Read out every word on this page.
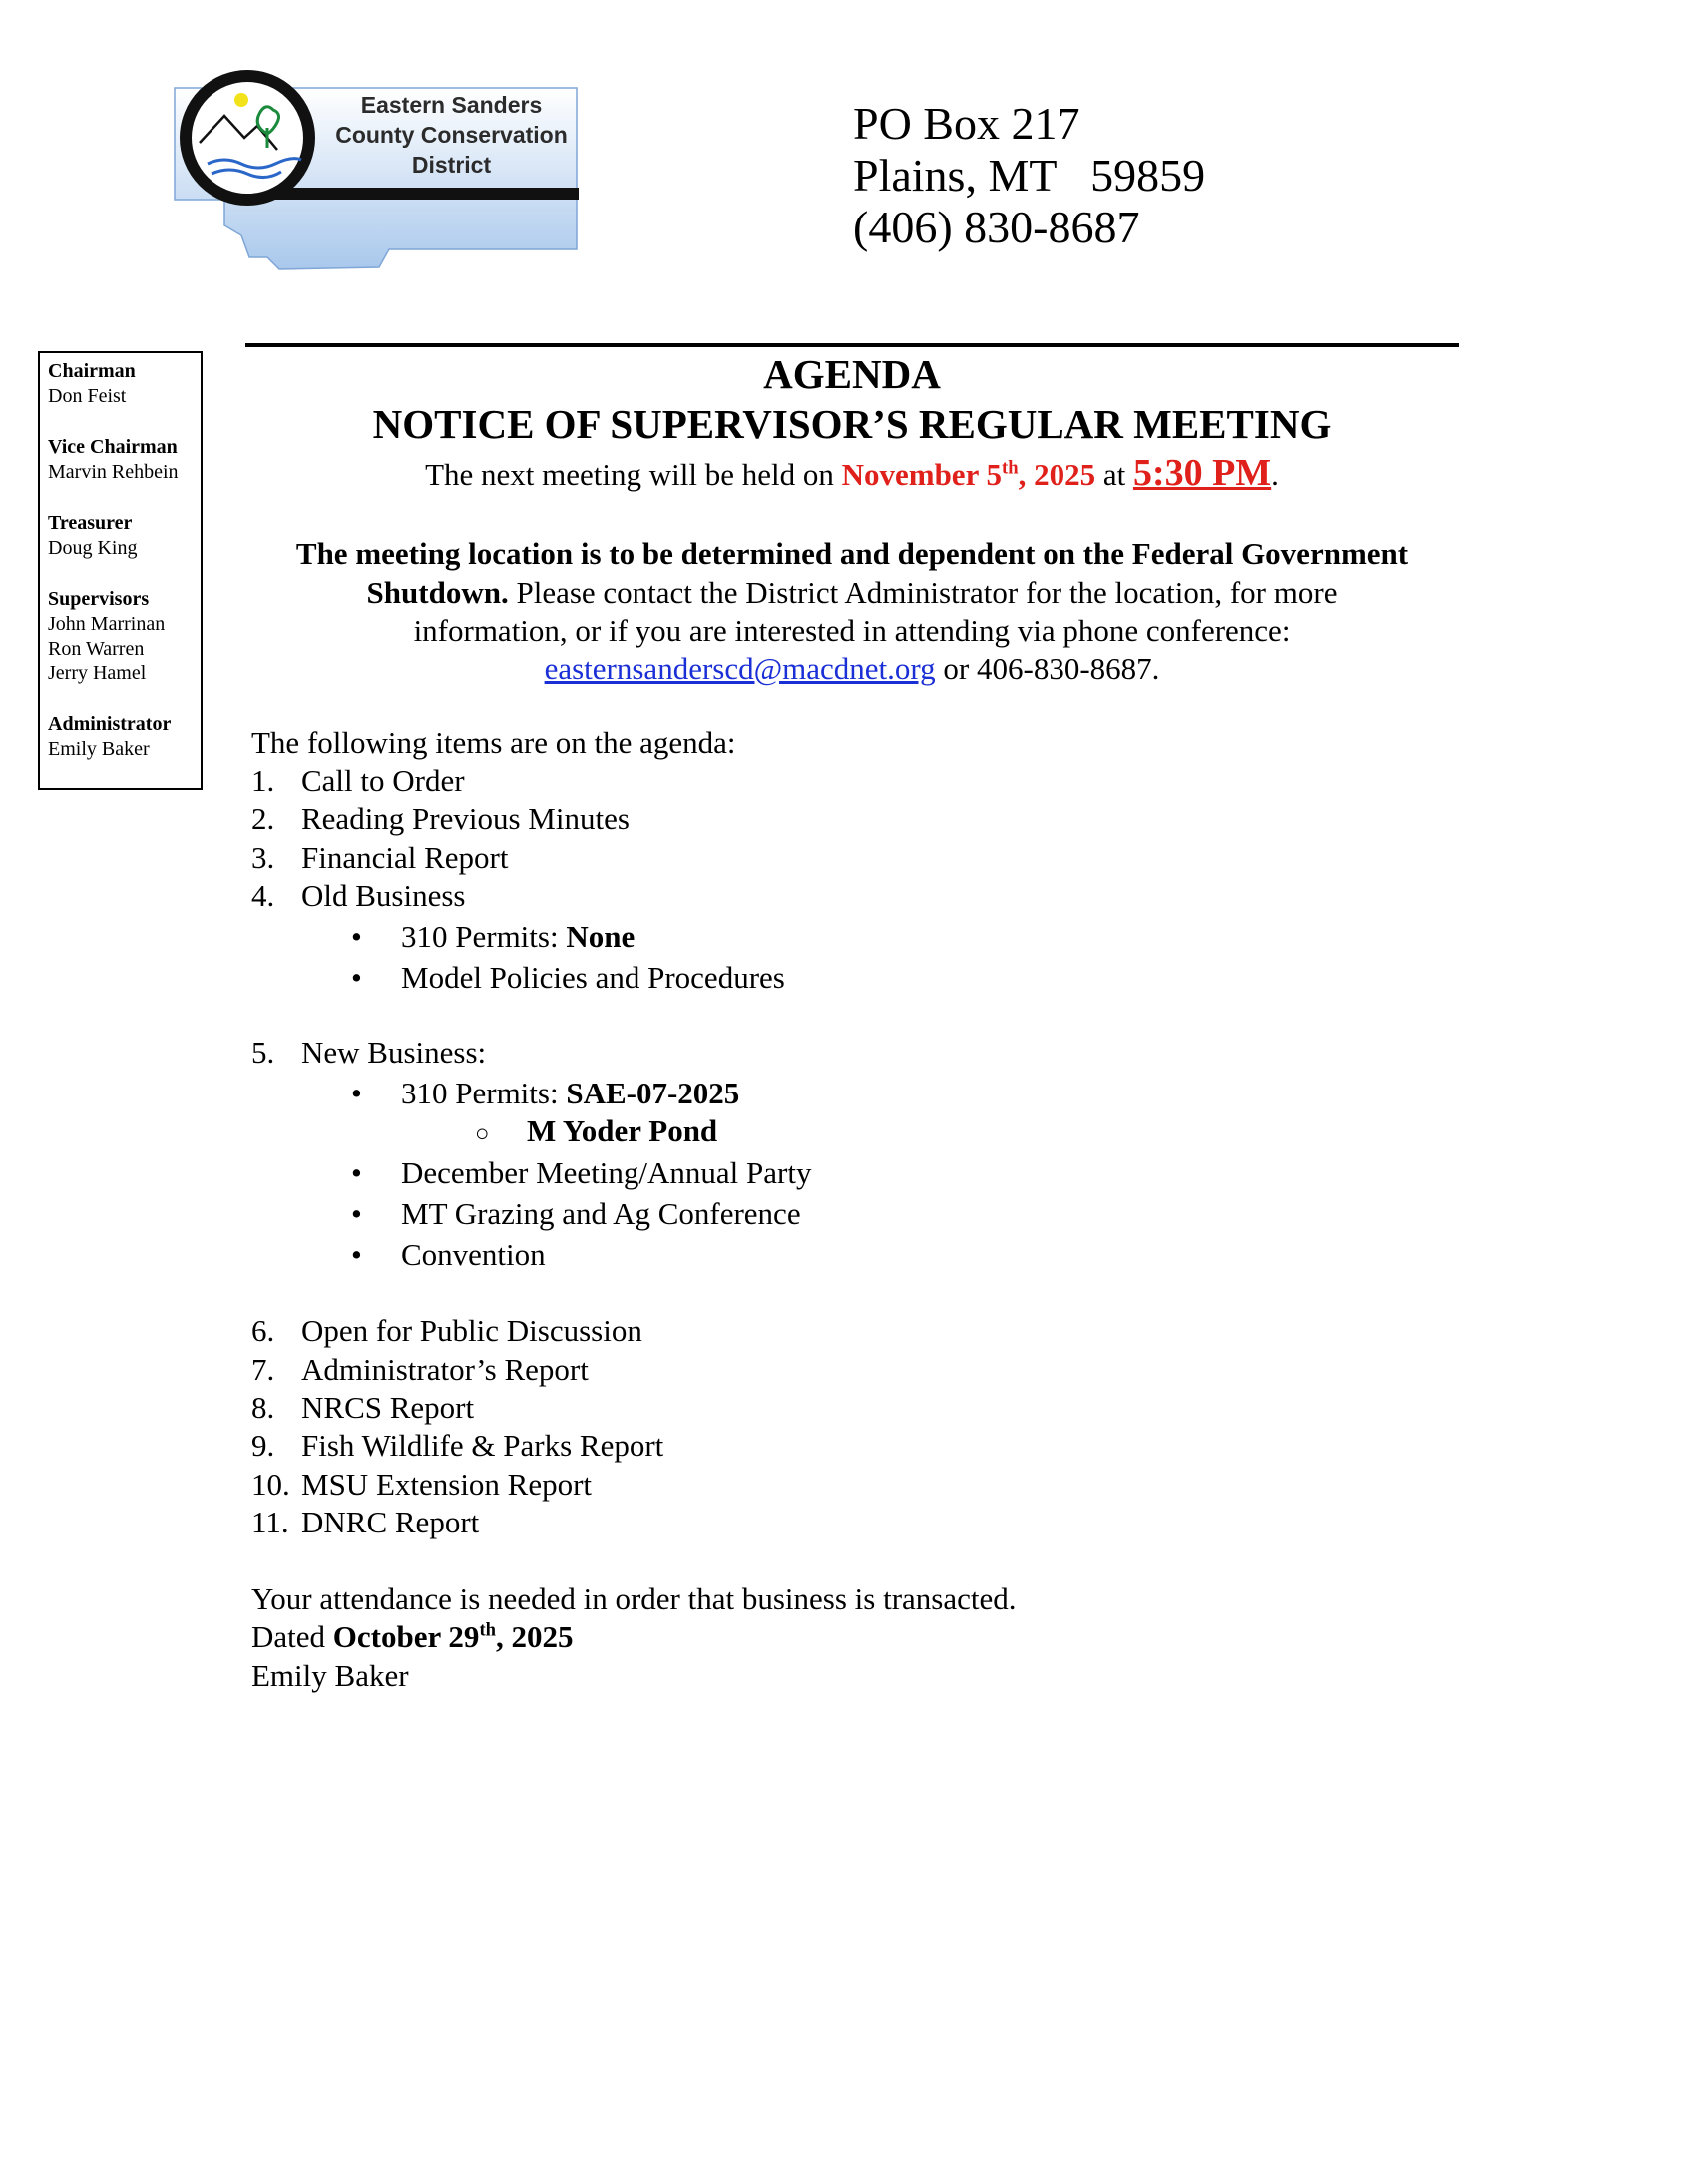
Eastern Sanders
County Conservation
District
PO Box 217
Plains, MT   59859
(406) 830-8687
Chairman
Don Feist
Vice Chairman
Marvin Rehbein
Treasurer
Doug King
Supervisors
John Marrinan
Ron Warren
Jerry Hamel
Administrator
Emily Baker
AGENDA
NOTICE OF SUPERVISOR’S REGULAR MEETING
The next meeting will be held on November 5th, 2025 at 5:30 PM.
The meeting location is to be determined and dependent on the Federal Government
Shutdown. Please contact the District Administrator for the location, for more
information, or if you are interested in attending via phone conference:
easternsanderscd@macdnet.org or 406-830-8687.
The following items are on the agenda:
1. Call to Order
2. Reading Previous Minutes
3. Financial Report
4. Old Business
• 310 Permits: None
• Model Policies and Procedures
5. New Business:
• 310 Permits: SAE-07-2025
○ M Yoder Pond
• December Meeting/Annual Party
• MT Grazing and Ag Conference
• Convention
6. Open for Public Discussion
7. Administrator’s Report
8. NRCS Report
9. Fish Wildlife & Parks Report
10. MSU Extension Report
11. DNRC Report
Your attendance is needed in order that business is transacted.
Dated October 29th, 2025
Emily Baker
